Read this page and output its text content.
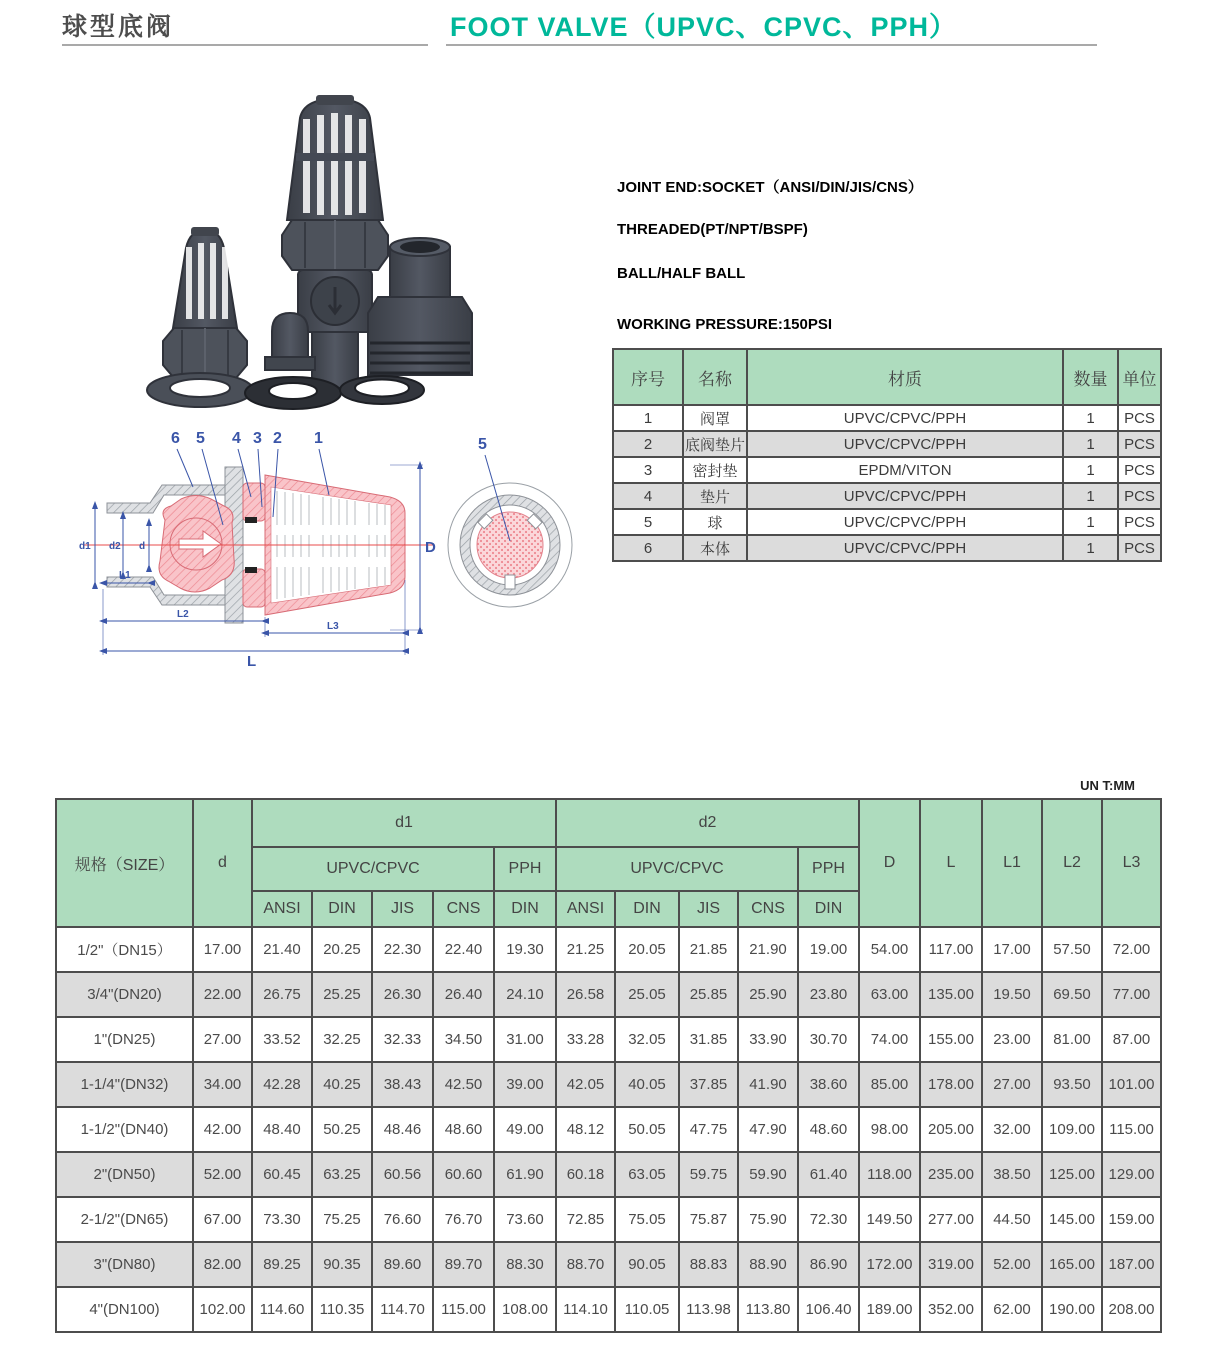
球型底阀	FOOT VALVE（UPVC、CPVC、PPH）
JOINT END:SOCKET（ANSI/DIN/JIS/CNS）
THREADED(PT/NPT/BSPF)
BALL/HALF BALL
WORKING PRESSURE:150PSI
序号	名称	材质	数量	单位
1	阀罩	UPVC/CPVC/PPH	1	PCS
2	底阀垫片	UPVC/CPVC/PPH	1	PCS
3	密封垫	EPDM/VITON	1	PCS
4	垫片	UPVC/CPVC/PPH	1	PCS
5	球	UPVC/CPVC/PPH	1	PCS
6	本体	UPVC/CPVC/PPH	1	PCS
6 5 4 3 2 1
d1 d2 d
L1
L2
L3
L
D
5
UN T:MM
规格（SIZE）	d	d1					d2					D	L	L1	L2	L3
		UPVC/CPVC				PPH	UPVC/CPVC				PPH					
		ANSI	DIN	JIS	CNS	DIN	ANSI	DIN	JIS	CNS	DIN					
1/2"（DN15）	17.00	21.40	20.25	22.30	22.40	19.30	21.25	20.05	21.85	21.90	19.00	54.00	117.00	17.00	57.50	72.00
3/4"(DN20)	22.00	26.75	25.25	26.30	26.40	24.10	26.58	25.05	25.85	25.90	23.80	63.00	135.00	19.50	69.50	77.00
1"(DN25)	27.00	33.52	32.25	32.33	34.50	31.00	33.28	32.05	31.85	33.90	30.70	74.00	155.00	23.00	81.00	87.00
1-1/4"(DN32)	34.00	42.28	40.25	38.43	42.50	39.00	42.05	40.05	37.85	41.90	38.60	85.00	178.00	27.00	93.50	101.00
1-1/2"(DN40)	42.00	48.40	50.25	48.46	48.60	49.00	48.12	50.05	47.75	47.90	48.60	98.00	205.00	32.00	109.00	115.00
2"(DN50)	52.00	60.45	63.25	60.56	60.60	61.90	60.18	63.05	59.75	59.90	61.40	118.00	235.00	38.50	125.00	129.00
2-1/2"(DN65)	67.00	73.30	75.25	76.60	76.70	73.60	72.85	75.05	75.87	75.90	72.30	149.50	277.00	44.50	145.00	159.00
3"(DN80)	82.00	89.25	90.35	89.60	89.70	88.30	88.70	90.05	88.83	88.90	86.90	172.00	319.00	52.00	165.00	187.00
4"(DN100)	102.00	114.60	110.35	114.70	115.00	108.00	114.10	110.05	113.98	113.80	106.40	189.00	352.00	62.00	190.00	208.00
